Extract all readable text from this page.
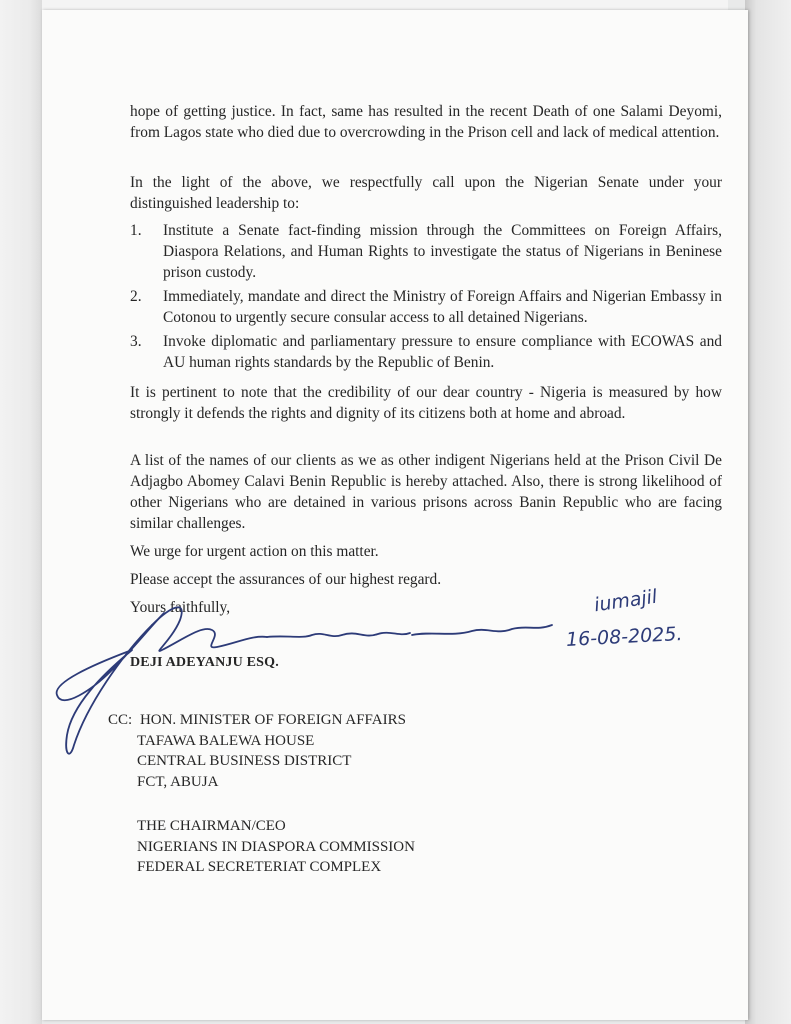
hope of getting justice. In fact, same has resulted in the recent Death of one Salami Deyomi, from Lagos state who died due to overcrowding in the Prison cell and lack of medical attention.

In the light of the above, we respectfully call upon the Nigerian Senate under your distinguished leadership to:

1. Institute a Senate fact-finding mission through the Committees on Foreign Affairs, Diaspora Relations, and Human Rights to investigate the status of Nigerians in Beninese prison custody.
2. Immediately, mandate and direct the Ministry of Foreign Affairs and Nigerian Embassy in Cotonou to urgently secure consular access to all detained Nigerians.
3. Invoke diplomatic and parliamentary pressure to ensure compliance with ECOWAS and AU human rights standards by the Republic of Benin.

It is pertinent to note that the credibility of our dear country - Nigeria is measured by how strongly it defends the rights and dignity of its citizens both at home and abroad.

A list of the names of our clients as we as other indigent Nigerians held at the Prison Civil De Adjagbo Abomey Calavi Benin Republic is hereby attached. Also, there is strong likelihood of other Nigerians who are detained in various prisons across Banin Republic who are facing similar challenges.

We urge for urgent action on this matter.

Please accept the assurances of our highest regard.

Yours faithfully,

DEJI ADEYANJU ESQ.

iumajil
16-08-2025.
CC: HON. MINISTER OF FOREIGN AFFAIRS
TAFAWA BALEWA HOUSE
CENTRAL BUSINESS DISTRICT
FCT, ABUJA
THE CHAIRMAN/CEO
NIGERIANS IN DIASPORA COMMISSION
FEDERAL SECRETERIAT COMPLEX
